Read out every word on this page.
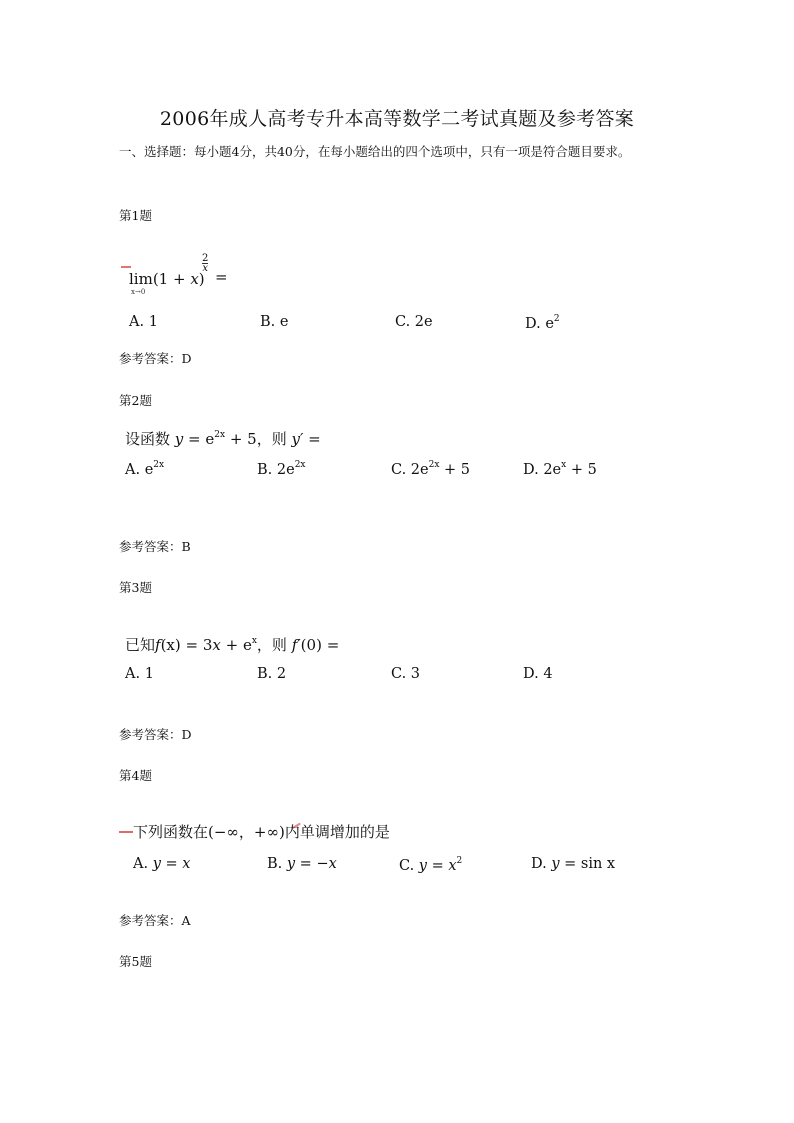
2006年成人高考专升本高等数学二考试真题及参考答案
一、选择题：每小题4分，共40分，在每小题给出的四个选项中，只有一项是符合题目要求。
第1题
lim(1 + x)
x→0
$\frac{2}{x}$
=
A. 1	B. e	C. 2e	D. $e^2$
参考答案：D
第2题
设函数 $y = e^{2x} + 5$，则 y′ =
A. $e^{2x}$	B. $2e^{2x}$	C. $2e^{2x} + 5$	D. $2e^x + 5$
参考答案：B
第3题
已知$f(x) = 3x + e^x$，则 f′(0) =
A. 1	B. 2	C. 3	D. 4
参考答案：D
第4题
下列函数在(−∞，+∞)内单调增加的是
A. y = x	B. y = −x	C. $y = x^2$	D. y = sin x
参考答案：A
第5题
